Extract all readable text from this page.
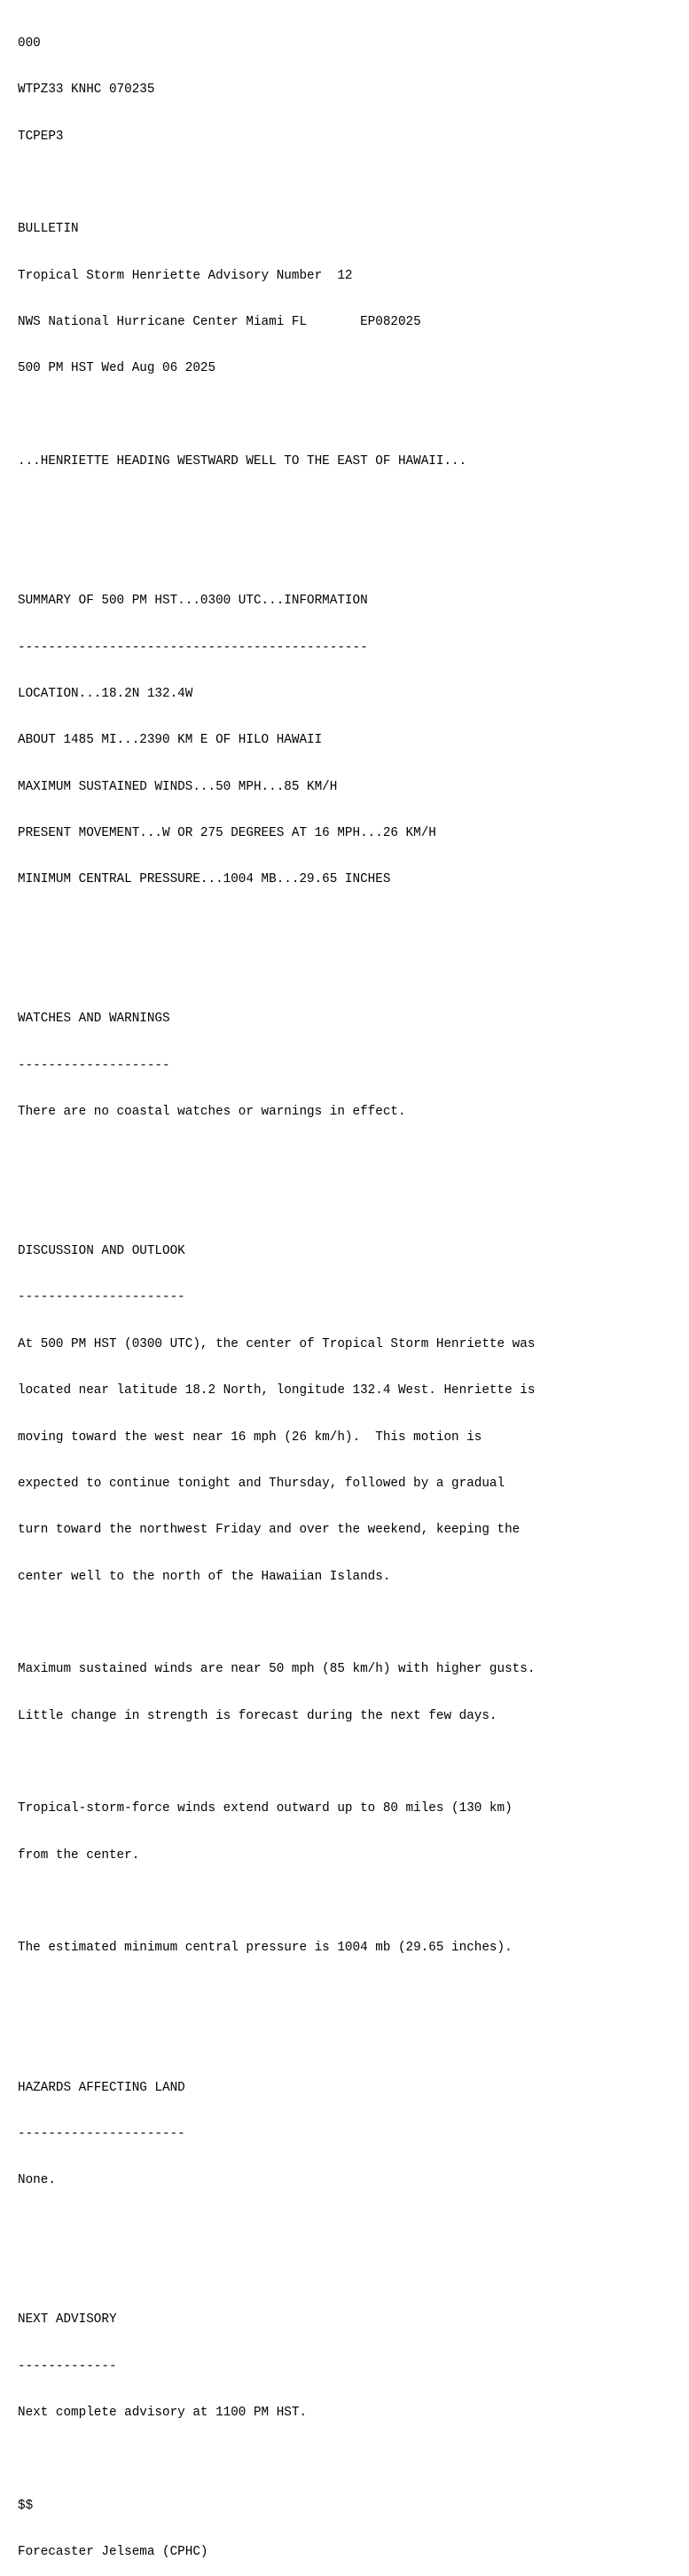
000

WTPZ33 KNHC 070235

TCPEP3

BULLETIN

Tropical Storm Henriette Advisory Number  12

NWS National Hurricane Center Miami FL       EP082025

500 PM HST Wed Aug 06 2025

...HENRIETTE HEADING WESTWARD WELL TO THE EAST OF HAWAII...

SUMMARY OF 500 PM HST...0300 UTC...INFORMATION

----------------------------------------------

LOCATION...18.2N 132.4W

ABOUT 1485 MI...2390 KM E OF HILO HAWAII

MAXIMUM SUSTAINED WINDS...50 MPH...85 KM/H

PRESENT MOVEMENT...W OR 275 DEGREES AT 16 MPH...26 KM/H

MINIMUM CENTRAL PRESSURE...1004 MB...29.65 INCHES

WATCHES AND WARNINGS

--------------------

There are no coastal watches or warnings in effect.

DISCUSSION AND OUTLOOK

----------------------

At 500 PM HST (0300 UTC), the center of Tropical Storm Henriette was

located near latitude 18.2 North, longitude 132.4 West. Henriette is

moving toward the west near 16 mph (26 km/h).  This motion is

expected to continue tonight and Thursday, followed by a gradual

turn toward the northwest Friday and over the weekend, keeping the

center well to the north of the Hawaiian Islands.

Maximum sustained winds are near 50 mph (85 km/h) with higher gusts.

Little change in strength is forecast during the next few days.

Tropical-storm-force winds extend outward up to 80 miles (130 km)

from the center.

The estimated minimum central pressure is 1004 mb (29.65 inches).

HAZARDS AFFECTING LAND

----------------------

None.

NEXT ADVISORY

-------------

Next complete advisory at 1100 PM HST.

$$

Forecaster Jelsema (CPHC)
